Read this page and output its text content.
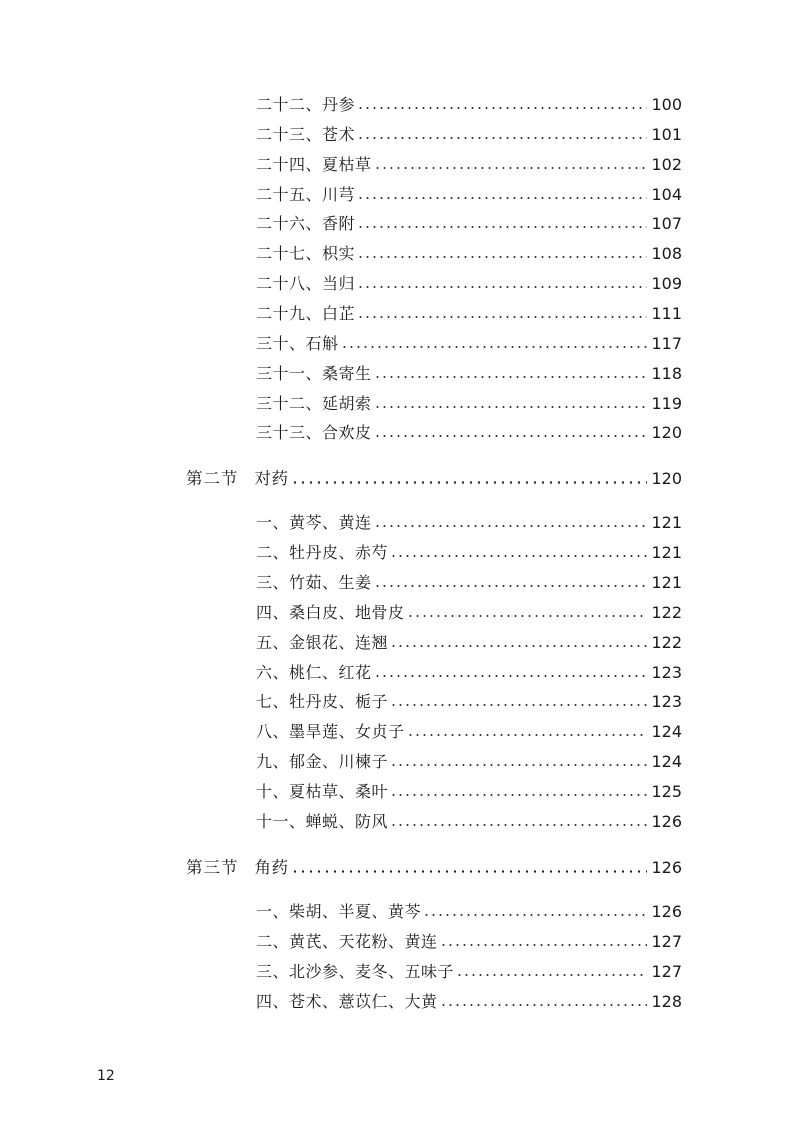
二十二、丹参	100
二十三、苍术	101
二十四、夏枯草	102
二十五、川芎	104
二十六、香附	107
二十七、枳实	108
二十八、当归	109
二十九、白芷	111
三十、石斛	117
三十一、桑寄生	118
三十二、延胡索	119
三十三、合欢皮	120
第二节 对药	120
一、黄芩、黄连	121
二、牡丹皮、赤芍	121
三、竹茹、生姜	121
四、桑白皮、地骨皮	122
五、金银花、连翘	122
六、桃仁、红花	123
七、牡丹皮、栀子	123
八、墨旱莲、女贞子	124
九、郁金、川楝子	124
十、夏枯草、桑叶	125
十一、蝉蜕、防风	126
第三节 角药	126
一、柴胡、半夏、黄芩	126
二、黄芪、天花粉、黄连	127
三、北沙参、麦冬、五味子	127
四、苍术、薏苡仁、大黄	128
12
